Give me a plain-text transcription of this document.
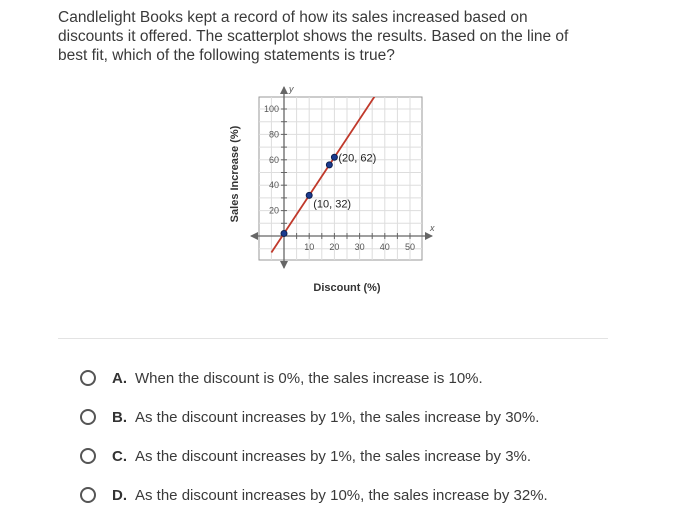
Candlelight Books kept a record of how its sales increased based on
discounts it offered. The scatterplot shows the results. Based on the line of
best fit, which of the following statements is true?
x
y
10 20 30 40 50
20
40
60
80
100
(10, 32)
(20, 62)
Sales Increase (%)
Discount (%)
A. When the discount is 0%, the sales increase is 10%.
B. As the discount increases by 1%, the sales increase by 30%.
C. As the discount increases by 1%, the sales increase by 3%.
D. As the discount increases by 10%, the sales increase by 32%.
